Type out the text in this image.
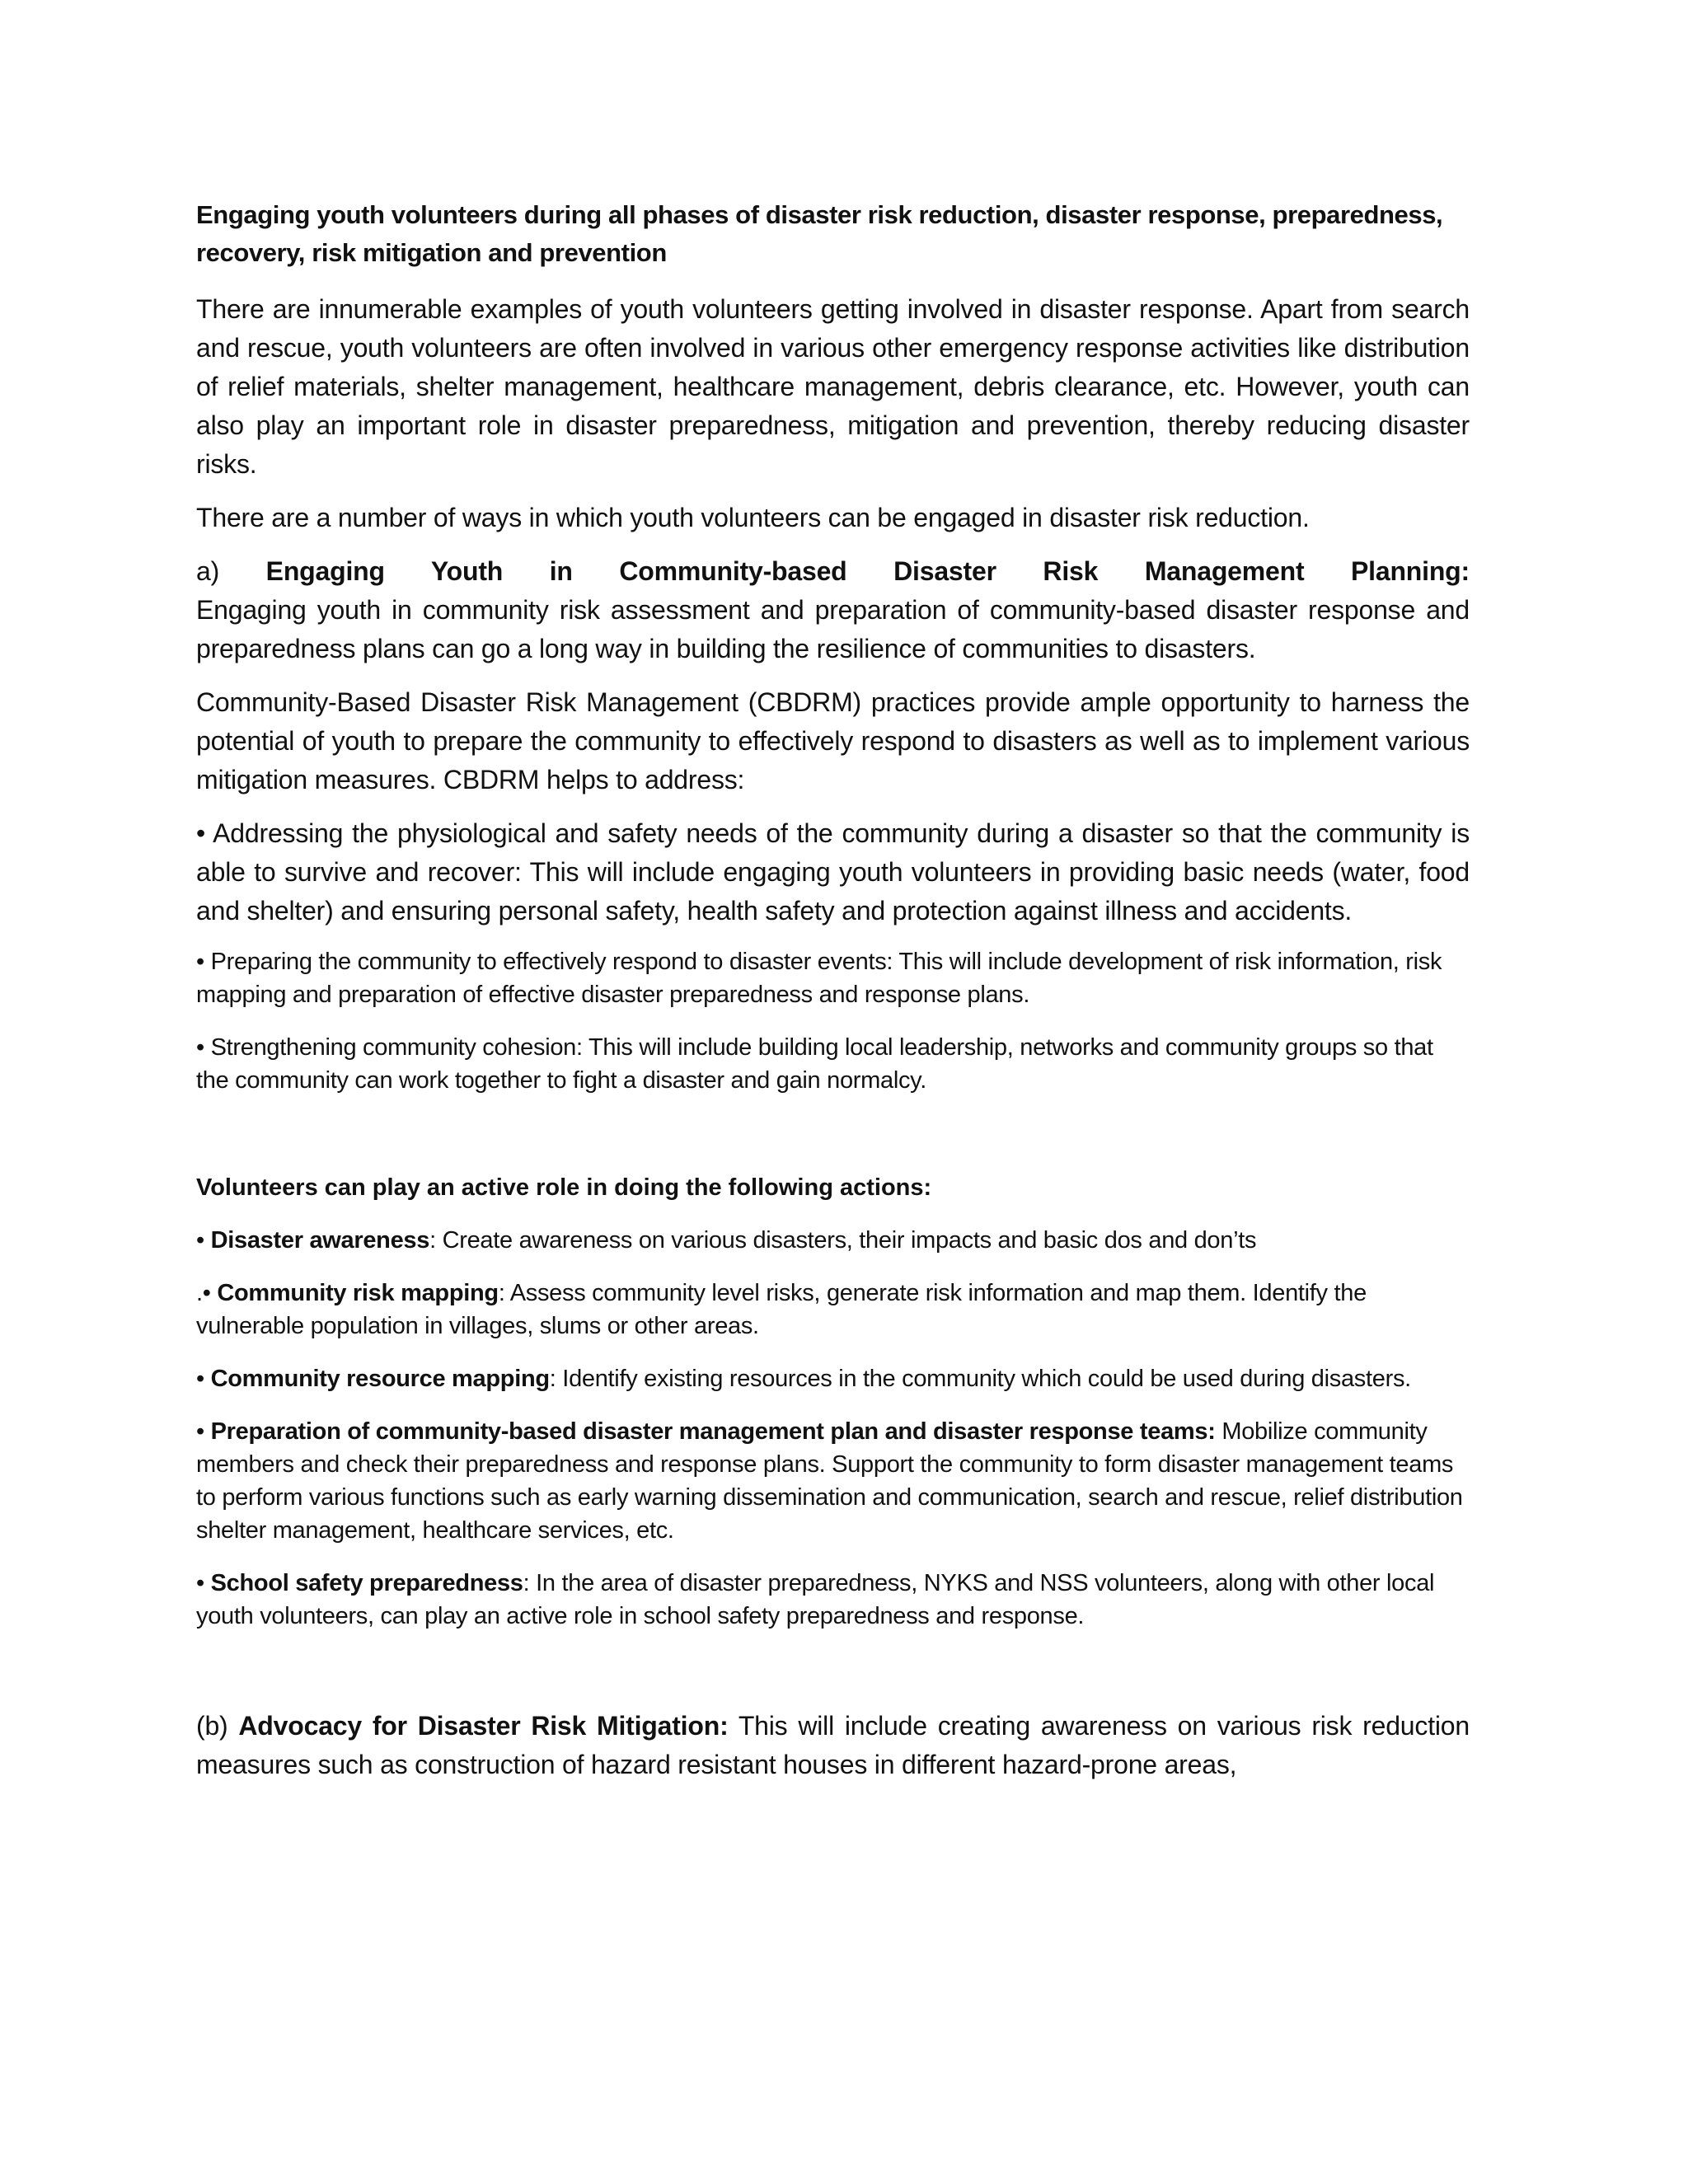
Engaging youth volunteers during all phases of disaster risk reduction, disaster response, preparedness, recovery, risk mitigation and prevention

There are innumerable examples of youth volunteers getting involved in disaster response. Apart from search and rescue, youth volunteers are often involved in various other emergency response activities like distribution of relief materials, shelter management, healthcare management, debris clearance, etc. However, youth can also play an important role in disaster preparedness, mitigation and prevention, thereby reducing disaster risks.

There are a number of ways in which youth volunteers can be engaged in disaster risk reduction.

a) Engaging Youth in Community-based Disaster Risk Management Planning:
Engaging youth in community risk assessment and preparation of community-based disaster response and preparedness plans can go a long way in building the resilience of communities to disasters.

Community-Based Disaster Risk Management (CBDRM) practices provide ample opportunity to harness the potential of youth to prepare the community to effectively respond to disasters as well as to implement various mitigation measures. CBDRM helps to address:

• Addressing the physiological and safety needs of the community during a disaster so that the community is able to survive and recover: This will include engaging youth volunteers in providing basic needs (water, food and shelter) and ensuring personal safety, health safety and protection against illness and accidents.

• Preparing the community to effectively respond to disaster events: This will include development of risk information, risk mapping and preparation of effective disaster preparedness and response plans.

• Strengthening community cohesion: This will include building local leadership, networks and community groups so that the community can work together to fight a disaster and gain normalcy.

Volunteers can play an active role in doing the following actions:

• Disaster awareness: Create awareness on various disasters, their impacts and basic dos and don’ts

.• Community risk mapping: Assess community level risks, generate risk information and map them. Identify the vulnerable population in villages, slums or other areas.

• Community resource mapping: Identify existing resources in the community which could be used during disasters.

• Preparation of community-based disaster management plan and disaster response teams: Mobilize community members and check their preparedness and response plans. Support the community to form disaster management teams to perform various functions such as early warning dissemination and communication, search and rescue, relief distribution shelter management, healthcare services, etc.

• School safety preparedness: In the area of disaster preparedness, NYKS and NSS volunteers, along with other local youth volunteers, can play an active role in school safety preparedness and response.

(b) Advocacy for Disaster Risk Mitigation: This will include creating awareness on various risk reduction measures such as construction of hazard resistant houses in different hazard-prone areas,
